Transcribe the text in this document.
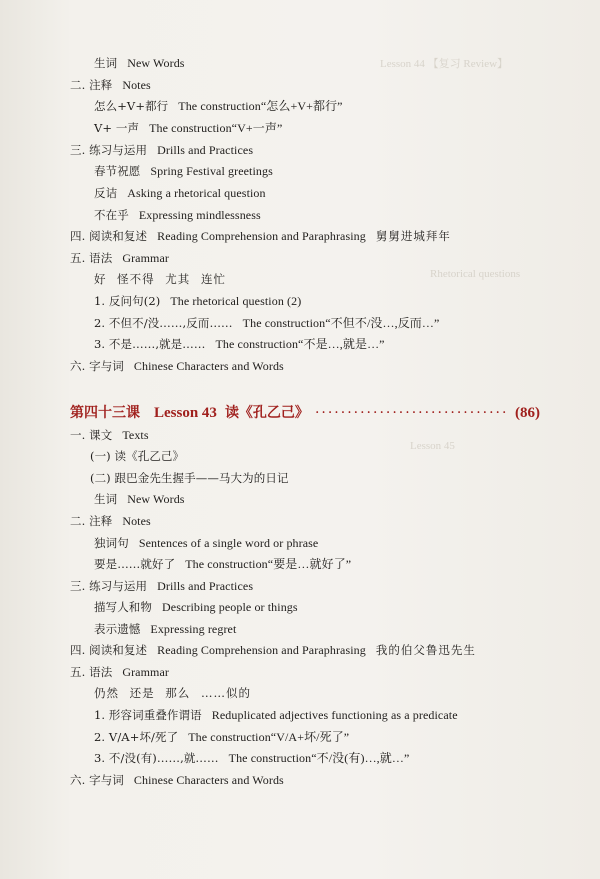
Lesson 44 【复习 Review】
Rhetorical questions
Lesson 45
生词 New Words
二. 注释 Notes
怎么+V+都行 The construction“怎么+V+都行”
V+ 一声 The construction“V+一声”
三. 练习与运用 Drills and Practices
春节祝愿 Spring Festival greetings
反诘 Asking a rhetorical question
不在乎 Expressing mindlessness
四. 阅读和复述 Reading Comprehension and Paraphrasing 舅舅进城拜年
五. 语法 Grammar
好 怪不得 尤其 连忙
1. 反问句(2) The rhetorical question (2)
2. 不但不/没……,反而…… The construction“不但不/没…,反而…”
3. 不是……,就是…… The construction“不是…,就是…”
六. 字与词 Chinese Characters and Words
第四十三课 Lesson 43 读《孔乙己》
·····	(86)
一. 课文 Texts
(一) 读《孔乙己》
(二) 跟巴金先生握手——马大为的日记
生词 New Words
二. 注释 Notes
独词句 Sentences of a single word or phrase
要是……就好了 The construction“要是…就好了”
三. 练习与运用 Drills and Practices
描写人和物 Describing people or things
表示遗憾 Expressing regret
四. 阅读和复述 Reading Comprehension and Paraphrasing 我的伯父鲁迅先生
五. 语法 Grammar
仍然 还是 那么 ……似的
1. 形容词重叠作谓语 Reduplicated adjectives functioning as a predicate
2. V/A+坏/死了 The construction“V/A+坏/死了”
3. 不/没(有)……,就…… The construction“不/没(有)…,就…”
六. 字与词 Chinese Characters and Words
